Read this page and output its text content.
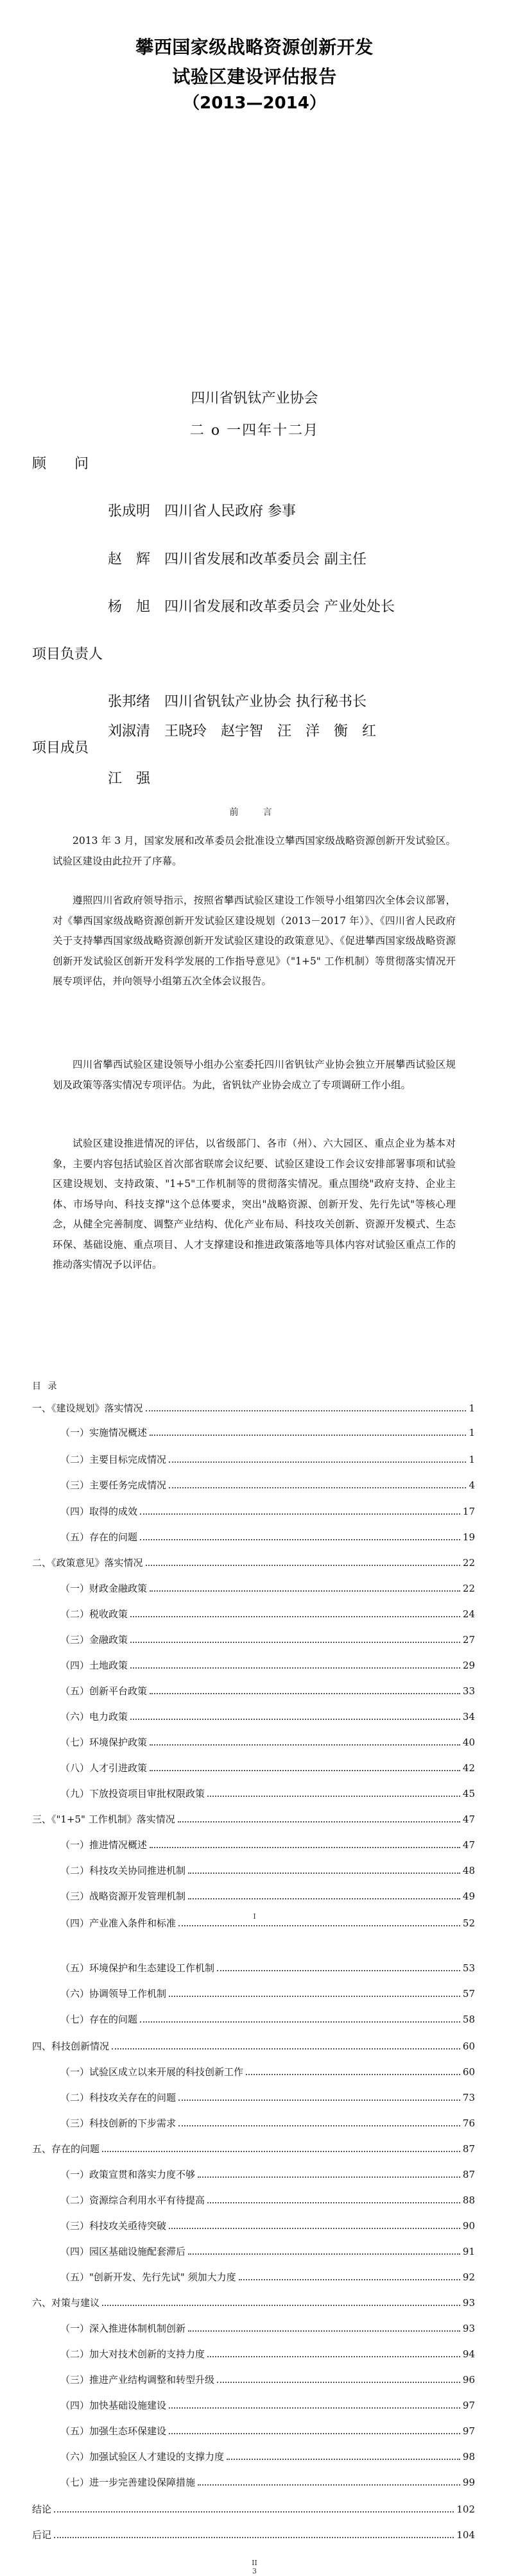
攀西国家级战略资源创新开发
试验区建设评估报告
（2013—2014）
四川省钒钛产业协会
二 o 一四年十二月
顾　　问
张成明　四川省人民政府 参事
赵　辉　四川省发展和改革委员会 副主任
杨　旭　四川省发展和改革委员会 产业处处长
项目负责人
张邦绪　四川省钒钛产业协会 执行秘书长
项目成员
刘淑清　王晓玲　赵宇智　汪　洋　衡　红
江　强
前　言
2013 年 3 月，国家发展和改革委员会批准设立攀西国家级战略资源创新开发试验区。试验区建设由此拉开了序幕。
遵照四川省政府领导指示，按照省攀西试验区建设工作领导小组第四次全体会议部署，对《攀西国家级战略资源创新开发试验区建设规划（2013－2017 年）》、《四川省人民政府关于支持攀西国家级战略资源创新开发试验区建设的政策意见》、《促进攀西国家级战略资源创新开发试验区创新开发科学发展的工作指导意见》（"1+5" 工作机制）等贯彻落实情况开展专项评估，并向领导小组第五次全体会议报告。
四川省攀西试验区建设领导小组办公室委托四川省钒钛产业协会独立开展攀西试验区规划及政策等落实情况专项评估。为此，省钒钛产业协会成立了专项调研工作小组。
试验区建设推进情况的评估，以省级部门、各市（州）、六大园区、重点企业为基本对象，主要内容包括试验区首次部省联席会议纪要、试验区建设工作会议安排部署事项和试验区建设规划、支持政策、"1+5"工作机制等的贯彻落实情况。重点围绕"政府支持、企业主体、市场导向、科技支撑"这个总体要求，突出"战略资源、创新开发、先行先试"等核心理念，从健全完善制度、调整产业结构、优化产业布局、科技攻关创新、资源开发模式、生态环保、基础设施、重点项目、人才支撑建设和推进政策落地等具体内容对试验区重点工作的推动落实情况予以评估。
目 录
一、《建设规划》落实情况	1
（一）实施情况概述	1
（二）主要目标完成情况	1
（三）主要任务完成情况	4
（四）取得的成效	17
（五）存在的问题	19
二、《政策意见》落实情况	22
（一）财政金融政策	22
（二）税收政策	24
（三）金融政策	27
（四）土地政策	29
（五）创新平台政策	33
（六）电力政策	34
（七）环境保护政策	40
（八）人才引进政策	42
（九）下放投资项目审批权限政策	45
三、《"1+5" 工作机制》落实情况	47
（一）推进情况概述	47
（二）科技攻关协同推进机制	48
（三）战略资源开发管理机制	49
（四）产业准入条件和标准	52
（五）环境保护和生态建设工作机制	53
（六）协调领导工作机制	57
（七）存在的问题	58
四、科技创新情况	60
（一）试验区成立以来开展的科技创新工作	60
（二）科技攻关存在的问题	73
（三）科技创新的下步需求	76
五、存在的问题	87
（一）政策宣贯和落实力度不够	87
（二）资源综合利用水平有待提高	88
（三）科技攻关亟待突破	90
（四）园区基础设施配套滞后	91
（五）"创新开发、先行先试" 须加大力度	92
六、对策与建议	93
（一）深入推进体制机制创新	93
（二）加大对技术创新的支持力度	94
（三）推进产业结构调整和转型升级	96
（四）加快基础设施建设	97
（五）加强生态环保建设	97
（六）加强试验区人才建设的支撑力度	98
（七）进一步完善建设保障措施	99
结论	102
后记	104
I
II
3
